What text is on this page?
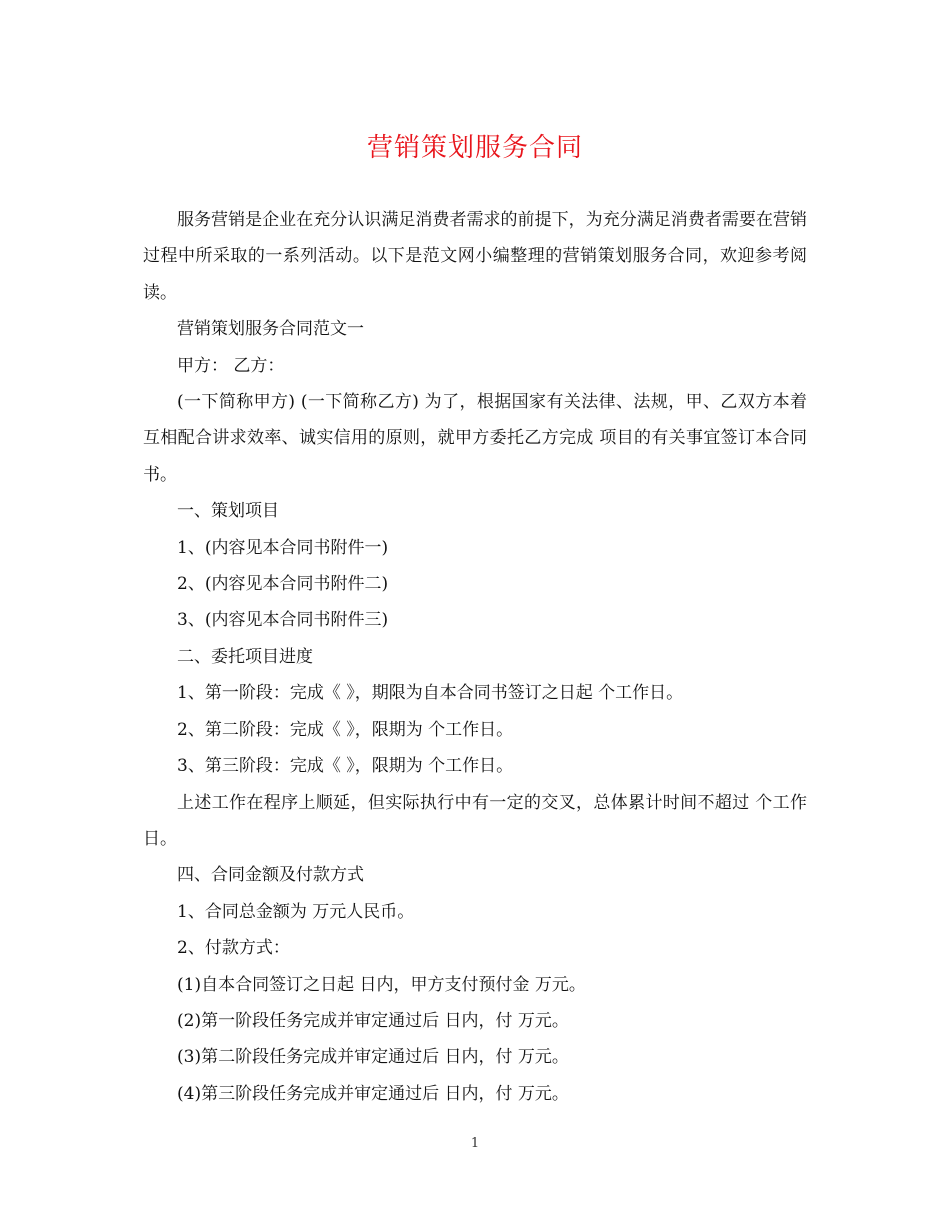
营销策划服务合同

服务营销是企业在充分认识满足消费者需求的前提下，为充分满足消费者需要在营销过程中所采取的一系列活动。以下是范文网小编整理的营销策划服务合同，欢迎参考阅读。

营销策划服务合同范文一

甲方： 乙方：

(一下简称甲方) (一下简称乙方) 为了，根据国家有关法律、法规，甲、乙双方本着互相配合讲求效率、诚实信用的原则，就甲方委托乙方完成 项目的有关事宜签订本合同书。

一、策划项目

1、(内容见本合同书附件一)

2、(内容见本合同书附件二)

3、(内容见本合同书附件三)

二、委托项目进度

1、第一阶段：完成《 》，期限为自本合同书签订之日起 个工作日。

2、第二阶段：完成《 》，限期为 个工作日。

3、第三阶段：完成《 》，限期为 个工作日。

上述工作在程序上顺延，但实际执行中有一定的交叉，总体累计时间不超过 个工作日。

四、合同金额及付款方式

1、合同总金额为 万元人民币。

2、付款方式：

(1)自本合同签订之日起 日内，甲方支付预付金 万元。

(2)第一阶段任务完成并审定通过后 日内，付 万元。

(3)第二阶段任务完成并审定通过后 日内，付 万元。

(4)第三阶段任务完成并审定通过后 日内，付 万元。

1
